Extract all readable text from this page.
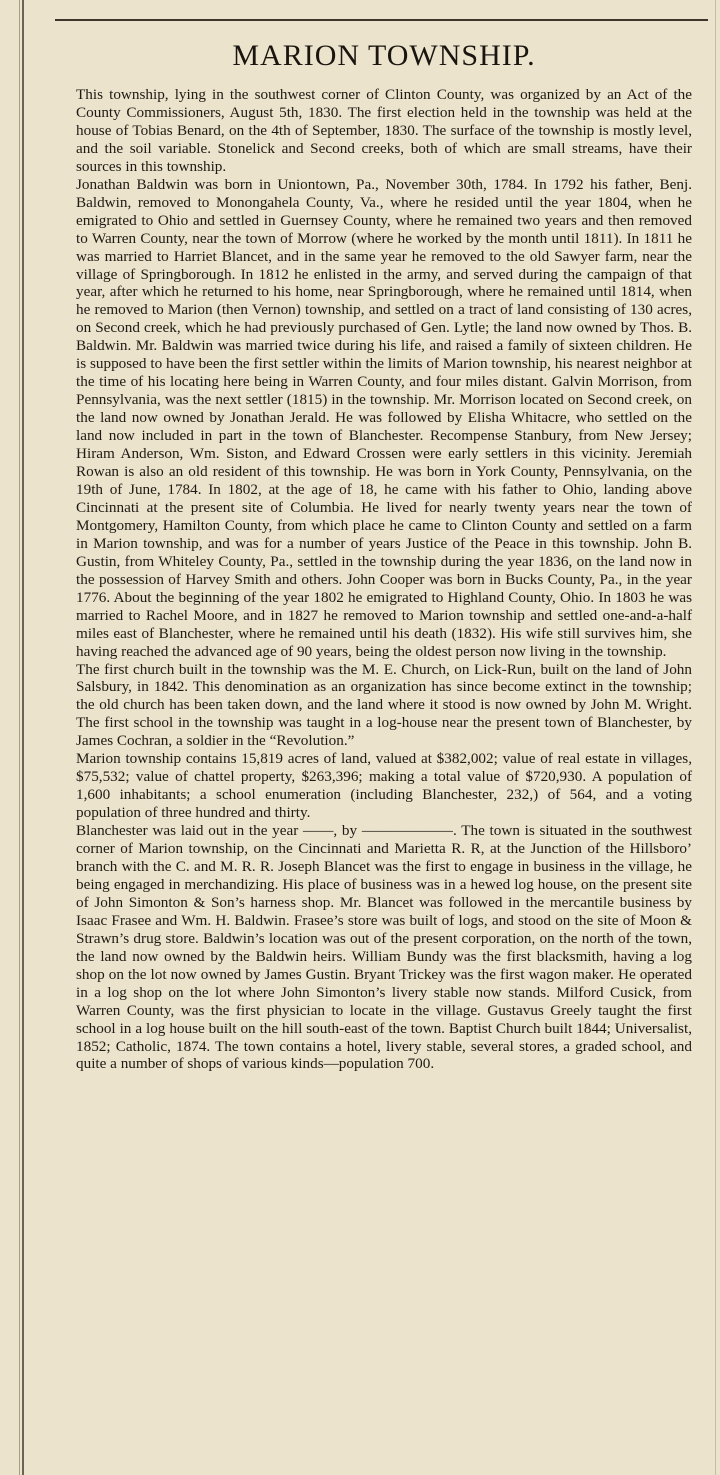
MARION TOWNSHIP.

This township, lying in the southwest corner of Clinton County, was organized by an Act of the County Commissioners, August 5th, 1830. The first election held in the township was held at the house of Tobias Benard, on the 4th of September, 1830. The surface of the township is mostly level, and the soil variable. Stonelick and Second creeks, both of which are small streams, have their sources in this township.

Jonathan Baldwin was born in Uniontown, Pa., November 30th, 1784. In 1792 his father, Benj. Baldwin, removed to Monongahela County, Va., where he resided until the year 1804, when he emigrated to Ohio and settled in Guernsey County, where he remained two years and then removed to Warren County, near the town of Morrow (where he worked by the month until 1811). In 1811 he was married to Harriet Blancet, and in the same year he removed to the old Sawyer farm, near the village of Springborough. In 1812 he enlisted in the army, and served during the campaign of that year, after which he returned to his home, near Springborough, where he remained until 1814, when he removed to Marion (then Vernon) township, and settled on a tract of land consisting of 130 acres, on Second creek, which he had previously purchased of Gen. Lytle; the land now owned by Thos. B. Baldwin. Mr. Baldwin was married twice during his life, and raised a family of sixteen children. He is supposed to have been the first settler within the limits of Marion township, his nearest neighbor at the time of his locating here being in Warren County, and four miles distant. Galvin Morrison, from Pennsylvania, was the next settler (1815) in the township. Mr. Morrison located on Second creek, on the land now owned by Jonathan Jerald. He was followed by Elisha Whitacre, who settled on the land now included in part in the town of Blanchester. Recompense Stanbury, from New Jersey; Hiram Anderson, Wm. Siston, and Edward Crossen were early settlers in this vicinity. Jeremiah Rowan is also an old resident of this township. He was born in York County, Pennsylvania, on the 19th of June, 1784. In 1802, at the age of 18, he came with his father to Ohio, landing above Cincinnati at the present site of Columbia. He lived for nearly twenty years near the town of Montgomery, Hamilton County, from which place he came to Clinton County and settled on a farm in Marion township, and was for a number of years Justice of the Peace in this township. John B. Gustin, from Whiteley County, Pa., settled in the township during the year 1836, on the land now in the possession of Harvey Smith and others. John Cooper was born in Bucks County, Pa., in the year 1776. About the beginning of the year 1802 he emigrated to Highland County, Ohio. In 1803 he was married to Rachel Moore, and in 1827 he removed to Marion township and settled one-and-a-half miles east of Blanchester, where he remained until his death (1832). His wife still survives him, she having reached the advanced age of 90 years, being the oldest person now living in the township.

The first church built in the township was the M. E. Church, on Lick-Run, built on the land of John Salsbury, in 1842. This denomination as an organization has since become extinct in the township; the old church has been taken down, and the land where it stood is now owned by John M. Wright. The first school in the township was taught in a log-house near the present town of Blanchester, by James Cochran, a soldier in the “Revolution.”

Marion township contains 15,819 acres of land, valued at $382,002; value of real estate in villages, $75,532; value of chattel property, $263,396; making a total value of $720,930. A population of 1,600 inhabitants; a school enumeration (including Blanchester, 232,) of 564, and a voting population of three hundred and thirty.

Blanchester was laid out in the year ——, by ——————. The town is situated in the southwest corner of Marion township, on the Cincinnati and Marietta R. R, at the Junction of the Hillsboro’ branch with the C. and M. R. R. Joseph Blancet was the first to engage in business in the village, he being engaged in merchandizing. His place of business was in a hewed log house, on the present site of John Simonton & Son’s harness shop. Mr. Blancet was followed in the mercantile business by Isaac Frasee and Wm. H. Baldwin. Frasee’s store was built of logs, and stood on the site of Moon & Strawn’s drug store. Baldwin’s location was out of the present corporation, on the north of the town, the land now owned by the Baldwin heirs. William Bundy was the first blacksmith, having a log shop on the lot now owned by James Gustin. Bryant Trickey was the first wagon maker. He operated in a log shop on the lot where John Simonton’s livery stable now stands. Milford Cusick, from Warren County, was the first physician to locate in the village. Gustavus Greely taught the first school in a log house built on the hill south-east of the town. Baptist Church built 1844; Universalist, 1852; Catholic, 1874. The town contains a hotel, livery stable, several stores, a graded school, and quite a number of shops of various kinds—population 700.
